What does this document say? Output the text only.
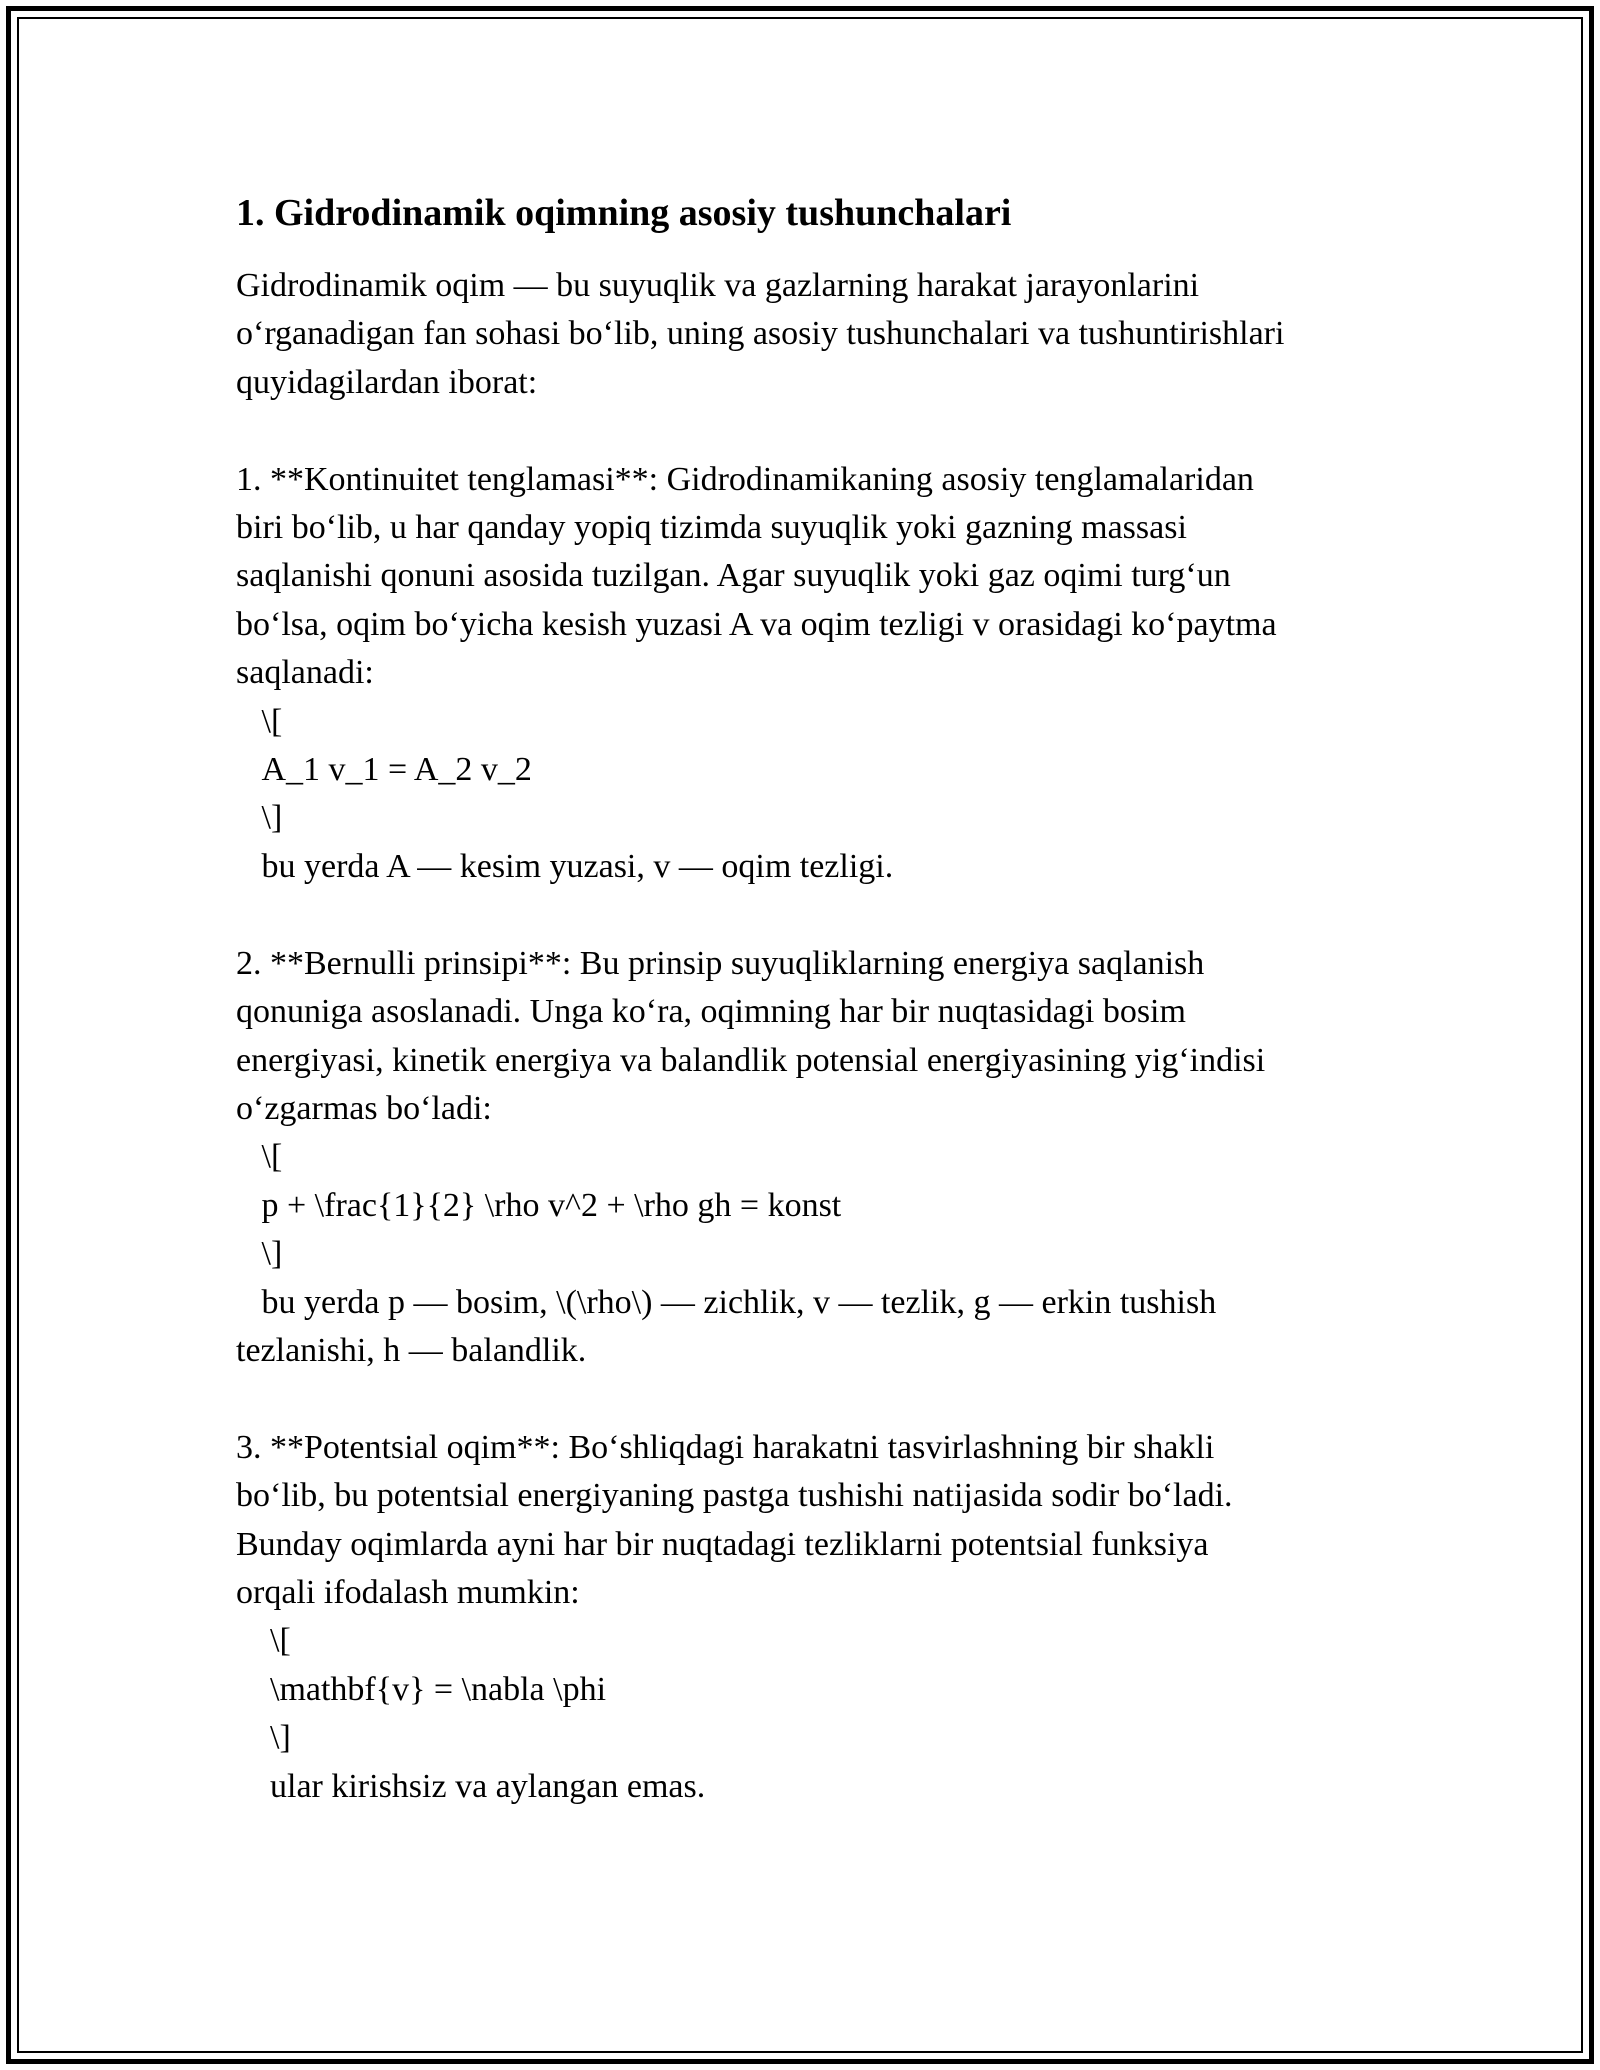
1. Gidrodinamik oqimning asosiy tushunchalari

Gidrodinamik oqim — bu suyuqlik va gazlarning harakat jarayonlarini
o‘rganadigan fan sohasi bo‘lib, uning asosiy tushunchalari va tushuntirishlari
quyidagilardan iborat:

1. **Kontinuitet tenglamasi**: Gidrodinamikaning asosiy tenglamalaridan
biri bo‘lib, u har qanday yopiq tizimda suyuqlik yoki gazning massasi
saqlanishi qonuni asosida tuzilgan. Agar suyuqlik yoki gaz oqimi turg‘un
bo‘lsa, oqim bo‘yicha kesish yuzasi A va oqim tezligi v orasidagi ko‘paytma
saqlanadi:
\[
A_1 v_1 = A_2 v_2
\]
bu yerda A — kesim yuzasi, v — oqim tezligi.

2. **Bernulli prinsipi**: Bu prinsip suyuqliklarning energiya saqlanish
qonuniga asoslanadi. Unga ko‘ra, oqimning har bir nuqtasidagi bosim
energiyasi, kinetik energiya va balandlik potensial energiyasining yig‘indisi
o‘zgarmas bo‘ladi:
\[
p + \frac{1}{2} \rho v^2 + \rho gh = konst
\]
bu yerda p — bosim, \(\rho\) — zichlik, v — tezlik, g — erkin tushish
tezlanishi, h — balandlik.

3. **Potentsial oqim**: Bo‘shliqdagi harakatni tasvirlashning bir shakli
bo‘lib, bu potentsial energiyaning pastga tushishi natijasida sodir bo‘ladi.
Bunday oqimlarda ayni har bir nuqtadagi tezliklarni potentsial funksiya
orqali ifodalash mumkin:
\[
\mathbf{v} = \nabla \phi
\]
ular kirishsiz va aylangan emas.
